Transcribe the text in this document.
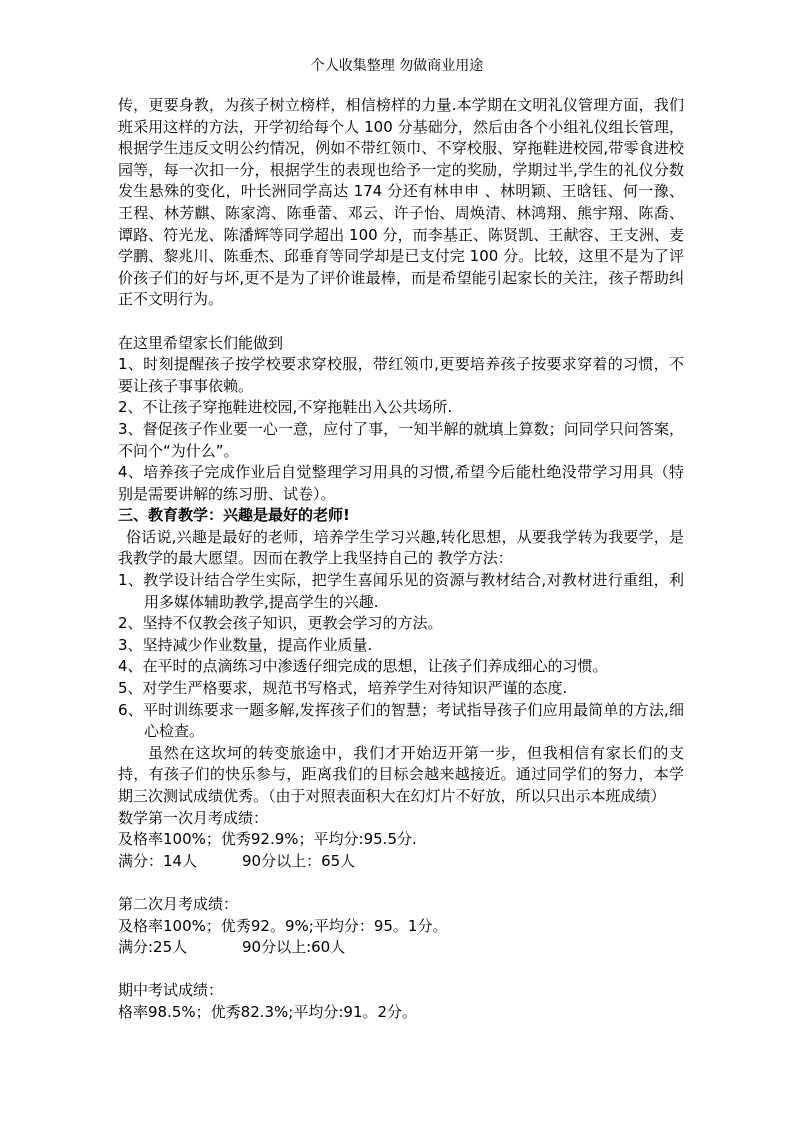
个人收集整理 勿做商业用途

传，更要身教，为孩子树立榜样，相信榜样的力量.本学期在文明礼仪管理方面，我们班采用这样的方法，开学初给每个人 100 分基础分，然后由各个小组礼仪组长管理，根据学生违反文明公约情况，例如不带红领巾、不穿校服、穿拖鞋进校园,带零食进校园等，每一次扣一分，根据学生的表现也给予一定的奖励，学期过半,学生的礼仪分数发生悬殊的变化，叶长洲同学高达 174 分还有林申申 、林明颖、王晗钰、何一豫、王程、林芳麒、陈家湾、陈垂蕾、邓云、许子怡、周焕清、林鸿翔、熊宇翔、陈喬、谭路、符光龙、陈潘辉等同学超出 100 分，而李基正、陈贤凯、王献容、王支洲、麦学鹏、黎兆川、陈垂杰、邱垂育等同学却是已支付完 100 分。比较，这里不是为了评价孩子们的好与坏,更不是为了评价谁最棒，而是希望能引起家长的关注，孩子帮助纠正不文明行为。

在这里希望家长们能做到

1、时刻提醒孩子按学校要求穿校服，带红领巾,更要培养孩子按要求穿着的习惯，不要让孩子事事依赖。

2、不让孩子穿拖鞋进校园,不穿拖鞋出入公共场所.

3、督促孩子作业要一心一意，应付了事，一知半解的就填上算数；问同学只问答案，不问个“为什么”。

4、培养孩子完成作业后自觉整理学习用具的习惯,希望今后能杜绝没带学习用具（特别是需要讲解的练习册、试卷）。

三、教育教学：兴趣是最好的老师!

俗话说,兴趣是最好的老师，培养学生学习兴趣,转化思想，从要我学转为我要学，是我教学的最大愿望。因而在教学上我坚持自己的 教学方法：

1、教学设计结合学生实际，把学生喜闻乐见的资源与教材结合,对教材进行重组，利用多媒体辅助教学,提高学生的兴趣.

2、坚持不仅教会孩子知识，更教会学习的方法。

3、坚持减少作业数量，提高作业质量.

4、在平时的点滴练习中渗透仔细完成的思想，让孩子们养成细心的习惯。

5、对学生严格要求，规范书写格式，培养学生对待知识严谨的态度.

6、平时训练要求一题多解,发挥孩子们的智慧；考试指导孩子们应用最简单的方法,细心检查。

虽然在这坎坷的转变旅途中，我们才开始迈开第一步，但我相信有家长们的支持，有孩子们的快乐参与，距离我们的目标会越来越接近。通过同学们的努力，本学期三次测试成绩优秀。（由于对照表面积大在幻灯片不好放，所以只出示本班成绩）

数学第一次月考成绩：

及格率100%；优秀92.9%；平均分:95.5分.

满分：14人	90分以上：65人

第二次月考成绩：

及格率100%；优秀92。9%;平均分：95。1分。

满分:25人	90分以上:60人

期中考试成绩：

格率98.5%；优秀82.3%;平均分:91。2分。
